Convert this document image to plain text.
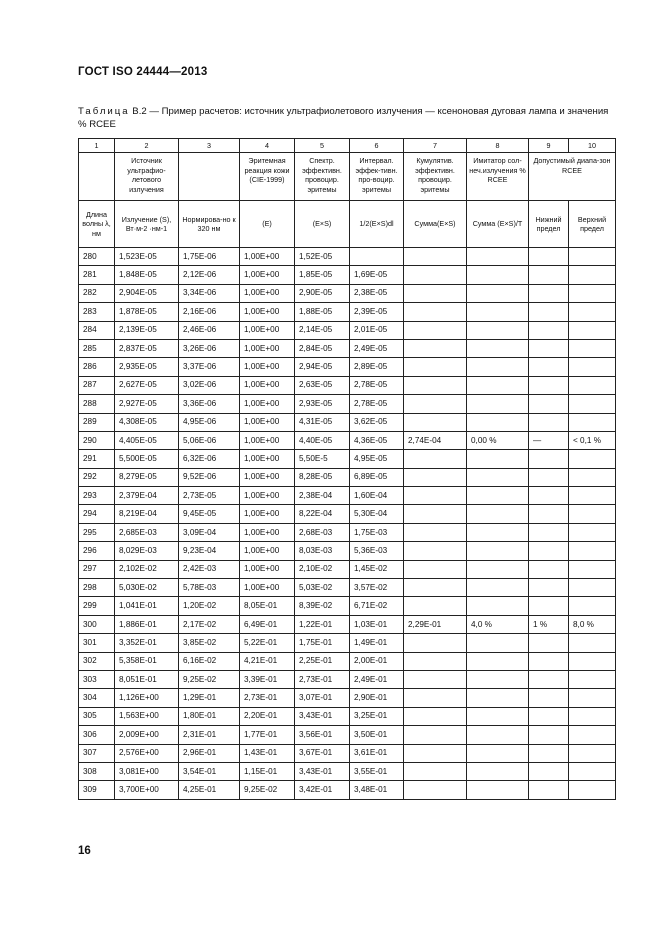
ГОСТ ISO 24444—2013
Таблица В.2 — Пример расчетов: источник ультрафиолетового излучения — ксеноновая дуговая лампа и значения % RCEE
1	2	3	4	5	6	7	8	9	10
	Источник ультрафио-летового излучения		Эритемная реакция кожи (CIE-1999)	Спектр. эффективн. провоцир. эритемы	Интервал. эффек-тивн. про-воцир. эритемы	Кумулятив. эффективн. провоцир. эритемы	Имитатор сол-неч.излучения % RCEE	Допустимый диапа-зон RCEE	
Длина волны λ, нм	Излучение (S), Вт·м-2 ·нм-1	Нормирова-но к 320 нм	(E)	(E×S)	1/2(E×S)dl	Сумма(E×S)	Сумма (E×S)/T	Нижний предел	Верхний предел
280	1,523E-05	1,75E-06	1,00E+00	1,52E-05					
281	1,848E-05	2,12E-06	1,00E+00	1,85E-05	1,69E-05				
282	2,904E-05	3,34E-06	1,00E+00	2,90E-05	2,38E-05				
283	1,878E-05	2,16E-06	1,00E+00	1,88E-05	2,39E-05				
284	2,139E-05	2,46E-06	1,00E+00	2,14E-05	2,01E-05				
285	2,837E-05	3,26E-06	1,00E+00	2,84E-05	2,49E-05				
286	2,935E-05	3,37E-06	1,00E+00	2,94E-05	2,89E-05				
287	2,627E-05	3,02E-06	1,00E+00	2,63E-05	2,78E-05				
288	2,927E-05	3,36E-06	1,00E+00	2,93E-05	2,78E-05				
289	4,308E-05	4,95E-06	1,00E+00	4,31E-05	3,62E-05				
290	4,405E-05	5,06E-06	1,00E+00	4,40E-05	4,36E-05	2,74E-04	0,00 %	—	< 0,1 %
291	5,500E-05	6,32E-06	1,00E+00	5,50E-5	4,95E-05				
292	8,279E-05	9,52E-06	1,00E+00	8,28E-05	6,89E-05				
293	2,379E-04	2,73E-05	1,00E+00	2,38E-04	1,60E-04				
294	8,219E-04	9,45E-05	1,00E+00	8,22E-04	5,30E-04				
295	2,685E-03	3,09E-04	1,00E+00	2,68E-03	1,75E-03				
296	8,029E-03	9,23E-04	1,00E+00	8,03E-03	5,36E-03				
297	2,102E-02	2,42E-03	1,00E+00	2,10E-02	1,45E-02				
298	5,030E-02	5,78E-03	1,00E+00	5,03E-02	3,57E-02				
299	1,041E-01	1,20E-02	8,05E-01	8,39E-02	6,71E-02				
300	1,886E-01	2,17E-02	6,49E-01	1,22E-01	1,03E-01	2,29E-01	4,0 %	1 %	8,0 %
301	3,352E-01	3,85E-02	5,22E-01	1,75E-01	1,49E-01				
302	5,358E-01	6,16E-02	4,21E-01	2,25E-01	2,00E-01				
303	8,051E-01	9,25E-02	3,39E-01	2,73E-01	2,49E-01				
304	1,126E+00	1,29E-01	2,73E-01	3,07E-01	2,90E-01				
305	1,563E+00	1,80E-01	2,20E-01	3,43E-01	3,25E-01				
306	2,009E+00	2,31E-01	1,77E-01	3,56E-01	3,50E-01				
307	2,576E+00	2,96E-01	1,43E-01	3,67E-01	3,61E-01				
308	3,081E+00	3,54E-01	1,15E-01	3,43E-01	3,55E-01				
309	3,700E+00	4,25E-01	9,25E-02	3,42E-01	3,48E-01				
16
